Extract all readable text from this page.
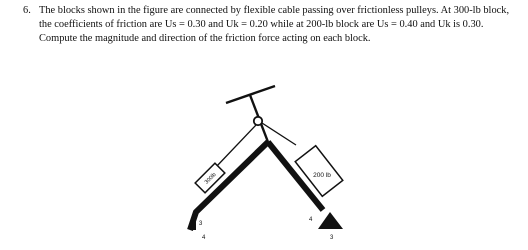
6. The blocks shown in the figure are connected by flexible cable passing over frictionless pulleys. At 300-lb block, the coefficients of friction are Us = 0.30 and Uk = 0.20 while at 200-lb block are Us = 0.40 and Uk is 0.30. Compute the magnitude and direction of the friction force acting on each block.
300lb	200 lb
3
4
4
3
